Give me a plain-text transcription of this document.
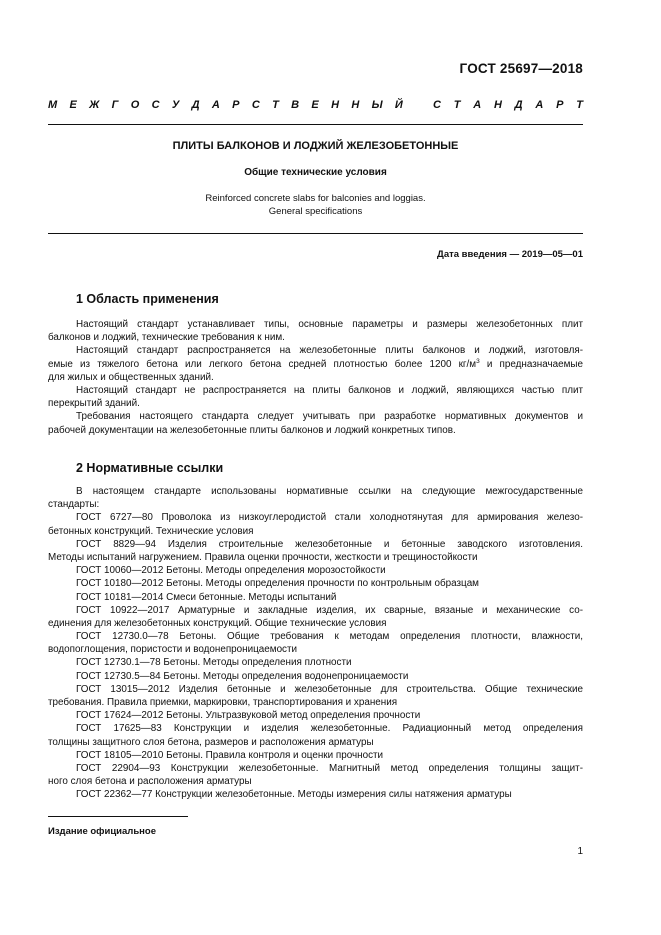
ГОСТ 25697—2018
М Е Ж Г О С У Д А Р С Т В Е Н Н Ы Й	С Т А Н Д А Р Т
ПЛИТЫ БАЛКОНОВ И ЛОДЖИЙ ЖЕЛЕЗОБЕТОННЫЕ
Общие технические условия
Reinforced concrete slabs for balconies and loggias.
General specifications
Дата введения — 2019—05—01
1 Область применения
Настоящий стандарт устанавливает типы, основные параметры и размеры железобетонных плит
балконов и лоджий, технические требования к ним.
Настоящий стандарт распространяется на железобетонные плиты балконов и лоджий, изготовля-
емые из тяжелого бетона или легкого бетона средней плотностью более 1200 $кг/м^3$ и предназначаемые
для жилых и общественных зданий.
Настоящий стандарт не распространяется на плиты балконов и лоджий, являющихся частью плит
перекрытий зданий.
Требования настоящего стандарта следует учитывать при разработке нормативных документов и
рабочей документации на железобетонные плиты балконов и лоджий конкретных типов.
2 Нормативные ссылки
В настоящем стандарте использованы нормативные ссылки на следующие межгосударственные
стандарты:
ГОСТ 6727—80 Проволока из низкоуглеродистой стали холоднотянутая для армирования железо-
бетонных конструкций. Технические условия
ГОСТ 8829—94 Изделия строительные железобетонные и бетонные заводского изготовления.
Методы испытаний нагружением. Правила оценки прочности, жесткости и трещиностойкости
ГОСТ 10060—2012 Бетоны. Методы определения морозостойкости
ГОСТ 10180—2012 Бетоны. Методы определения прочности по контрольным образцам
ГОСТ 10181—2014 Смеси бетонные. Методы испытаний
ГОСТ 10922—2017 Арматурные и закладные изделия, их сварные, вязаные и механические со-
единения для железобетонных конструкций. Общие технические условия
ГОСТ 12730.0—78 Бетоны. Общие требования к методам определения плотности, влажности,
водопоглощения, пористости и водонепроницаемости
ГОСТ 12730.1—78 Бетоны. Методы определения плотности
ГОСТ 12730.5—84 Бетоны. Методы определения водонепроницаемости
ГОСТ 13015—2012 Изделия бетонные и железобетонные для строительства. Общие технические
требования. Правила приемки, маркировки, транспортирования и хранения
ГОСТ 17624—2012 Бетоны. Ультразвуковой метод определения прочности
ГОСТ 17625—83 Конструкции и изделия железобетонные. Радиационный метод определения
толщины защитного слоя бетона, размеров и расположения арматуры
ГОСТ 18105—2010 Бетоны. Правила контроля и оценки прочности
ГОСТ 22904—93 Конструкции железобетонные. Магнитный метод определения толщины защит-
ного слоя бетона и расположения арматуры
ГОСТ 22362—77 Конструкции железобетонные. Методы измерения силы натяжения арматуры
Издание официальное
1
